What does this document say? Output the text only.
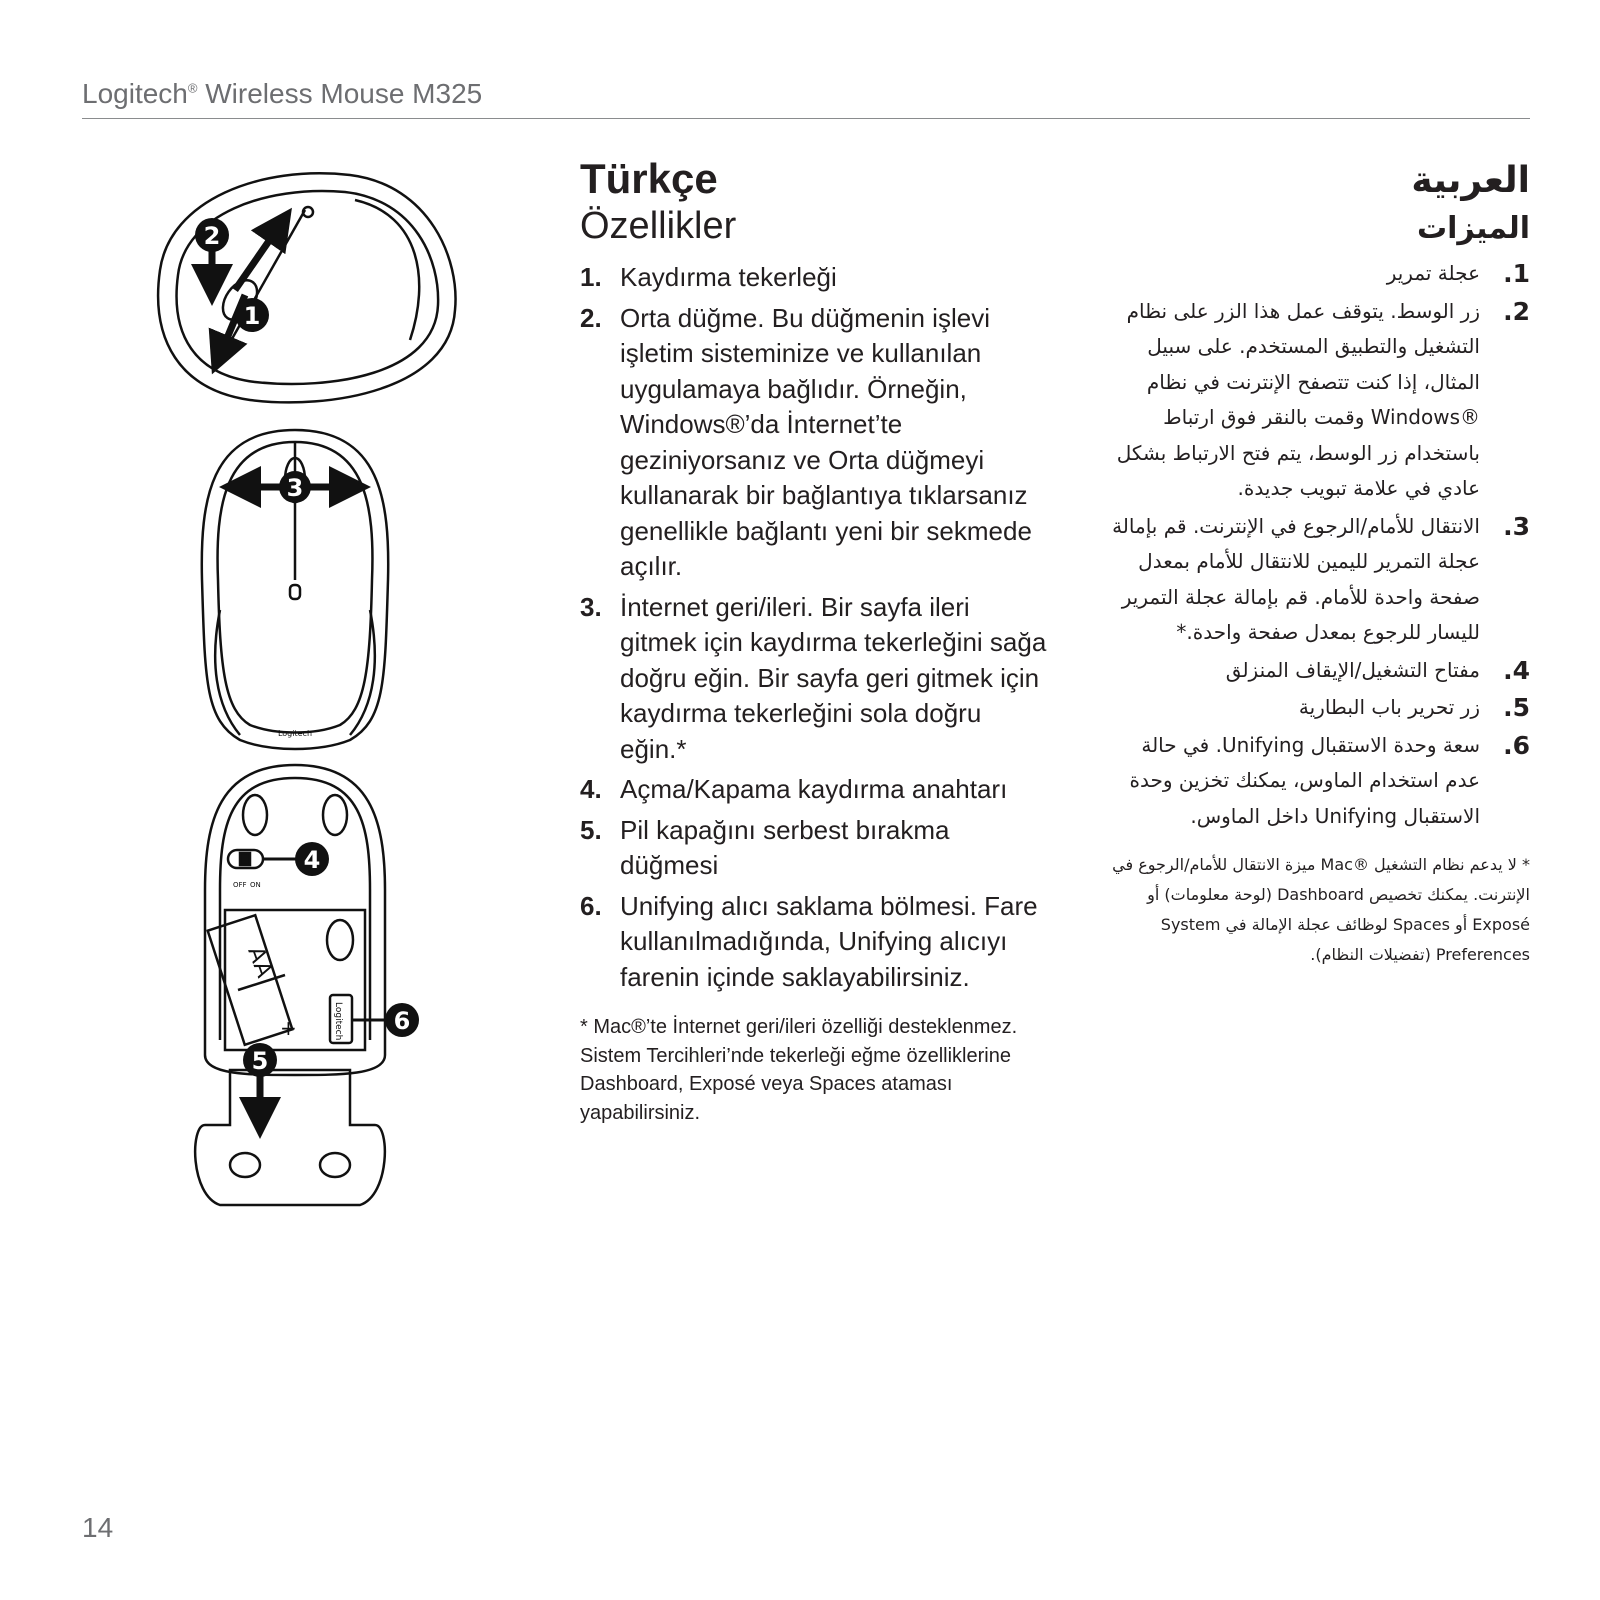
Logitech® Wireless Mouse M325
2
1
Logitech
3
OFF ON
AA
+	Logitech
4
6
5
Türkçe
Özellikler
1. Kaydırma tekerleği
2. Orta düğme. Bu düğmenin işlevi işletim sisteminize ve kullanılan uygulamaya bağlıdır. Örneğin, Windows®’da İnternet’te geziniyorsanız ve Orta düğmeyi kullanarak bir bağlantıya tıklarsanız genellikle bağlantı yeni bir sekmede açılır.
3. İnternet geri/ileri. Bir sayfa ileri gitmek için kaydırma tekerleğini sağa doğru eğin. Bir sayfa geri gitmek için kaydırma tekerleğini sola doğru eğin.*
4. Açma/Kapama kaydırma anahtarı
5. Pil kapağını serbest bırakma düğmesi
6. Unifying alıcı saklama bölmesi. Fare kullanılmadığında, Unifying alıcıyı farenin içinde saklayabilirsiniz.

* Mac®’te İnternet geri/ileri özelliği desteklenmez. Sistem Tercihleri’nde tekerleği eğme özelliklerine Dashboard, Exposé veya Spaces ataması yapabilirsiniz.

العربية
الميزات
.1
عجلة تمرير
.2
زر الوسط. يتوقف عمل هذا الزر على نظام التشغيل والتطبيق المستخدم. على سبيل المثال، إذا كنت تتصفح الإنترنت في نظام ®Windows وقمت بالنقر فوق ارتباط باستخدام زر الوسط، يتم فتح الارتباط بشكل عادي في علامة تبويب جديدة.
.3
الانتقال للأمام/الرجوع في الإنترنت. قم بإمالة عجلة التمرير لليمين للانتقال للأمام بمعدل صفحة واحدة للأمام. قم بإمالة عجلة التمرير لليسار للرجوع بمعدل صفحة واحدة.*
.4
مفتاح التشغيل/الإيقاف المنزلق
.5
زر تحرير باب البطارية
.6
سعة وحدة الاستقبال Unifying. في حالة عدم استخدام الماوس، يمكنك تخزين وحدة الاستقبال Unifying داخل الماوس.

* لا يدعم نظام التشغيل ®Mac ميزة الانتقال للأمام/الرجوع في الإنترنت. يمكنك تخصيص Dashboard (لوحة معلومات) أو Exposé أو Spaces لوظائف عجلة الإمالة في System Preferences (تفضيلات النظام).

14
